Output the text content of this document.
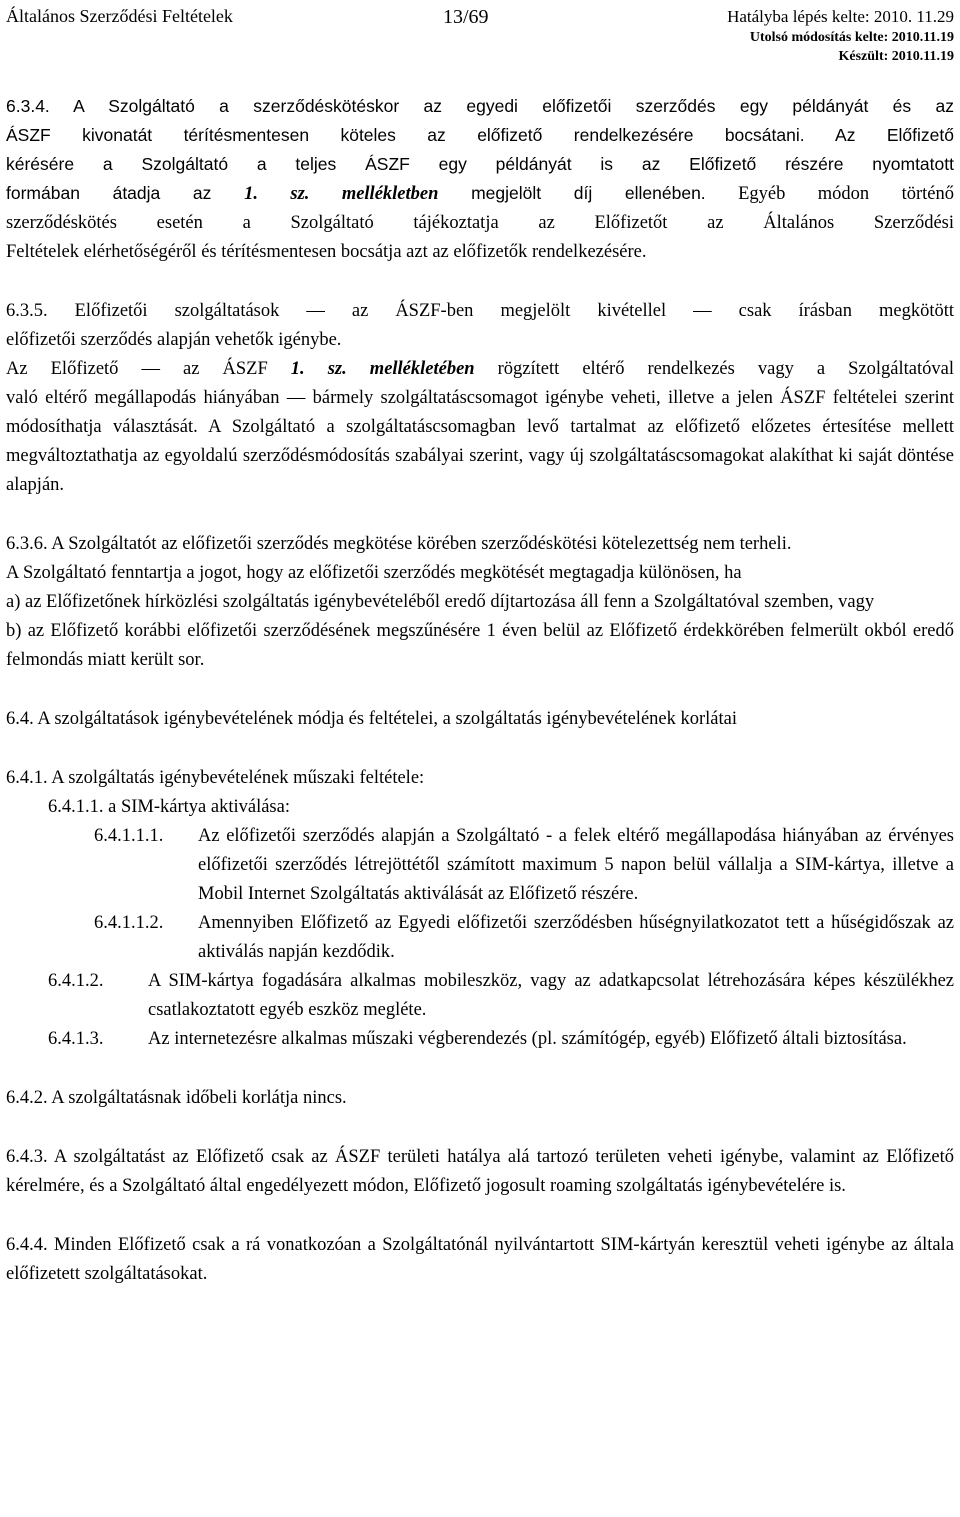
Általános Szerződési Feltételek	13/69	Hatályba lépés kelte: 2010. 11.29
Utolsó módosítás kelte: 2010.11.19
Készült: 2010.11.19

6.3.4. A Szolgáltató a szerződéskötéskor az egyedi előfizetői szerződés egy példányát és az
ÁSZF kivonatát térítésmentesen köteles az előfizető rendelkezésére bocsátani. Az Előfizető
kérésére a Szolgáltató a teljes ÁSZF egy példányát is az Előfizető részére nyomtatott
formában átadja az 1. sz. mellékletben megjelölt díj ellenében. Egyéb módon történő
szerződéskötés esetén a Szolgáltató tájékoztatja az Előfizetőt az Általános Szerződési
Feltételek elérhetőségéről és térítésmentesen bocsátja azt az előfizetők rendelkezésére.

6.3.5. Előfizetői szolgáltatások — az ÁSZF-ben megjelölt kivétellel — csak írásban megkötött
előfizetői szerződés alapján vehetők igénybe.
Az Előfizető — az ÁSZF 1. sz. mellékletében rögzített eltérő rendelkezés vagy a Szolgáltatóval
való eltérő megállapodás hiányában — bármely szolgáltatáscsomagot igénybe veheti, illetve a jelen ÁSZF feltételei szerint módosíthatja választását. A Szolgáltató a szolgáltatáscsomagban levő tartalmat az előfizető előzetes értesítése mellett megváltoztathatja az egyoldalú szerződésmódosítás szabályai szerint, vagy új szolgáltatáscsomagokat alakíthat ki saját döntése alapján.

6.3.6. A Szolgáltatót az előfizetői szerződés megkötése körében szerződéskötési kötelezettség nem terheli.

A Szolgáltató fenntartja a jogot, hogy az előfizetői szerződés megkötését megtagadja különösen, ha

a) az Előfizetőnek hírközlési szolgáltatás igénybevételéből eredő díjtartozása áll fenn a Szolgáltatóval szemben, vagy

b) az Előfizető korábbi előfizetői szerződésének megszűnésére 1 éven belül az Előfizető érdekkörében felmerült okból eredő felmondás miatt került sor.

6.4. A szolgáltatások igénybevételének módja és feltételei, a szolgáltatás igénybevételének korlátai

6.4.1. A szolgáltatás igénybevételének műszaki feltétele:

6.4.1.1. a SIM-kártya aktiválása:

6.4.1.1.1.	Az előfizetői szerződés alapján a Szolgáltató - a felek eltérő megállapodása hiányában az érvényes előfizetői szerződés létrejöttétől számított maximum 5 napon belül vállalja a SIM-kártya, illetve a Mobil Internet Szolgáltatás aktiválását az Előfizető részére.
6.4.1.1.2.	Amennyiben Előfizető az Egyedi előfizetői szerződésben hűségnyilatkozatot tett a hűségidőszak az aktiválás napján kezdődik.
6.4.1.2.	A SIM-kártya fogadására alkalmas mobileszköz, vagy az adatkapcsolat létrehozására képes készülékhez csatlakoztatott egyéb eszköz megléte.
6.4.1.3.	Az internetezésre alkalmas műszaki végberendezés (pl. számítógép, egyéb) Előfizető általi biztosítása.

6.4.2. A szolgáltatásnak időbeli korlátja nincs.

6.4.3. A szolgáltatást az Előfizető csak az ÁSZF területi hatálya alá tartozó területen veheti igénybe, valamint az Előfizető kérelmére, és a Szolgáltató által engedélyezett módon, Előfizető jogosult roaming szolgáltatás igénybevételére is.

6.4.4. Minden Előfizető csak a rá vonatkozóan a Szolgáltatónál nyilvántartott SIM-kártyán keresztül veheti igénybe az általa előfizetett szolgáltatásokat.
